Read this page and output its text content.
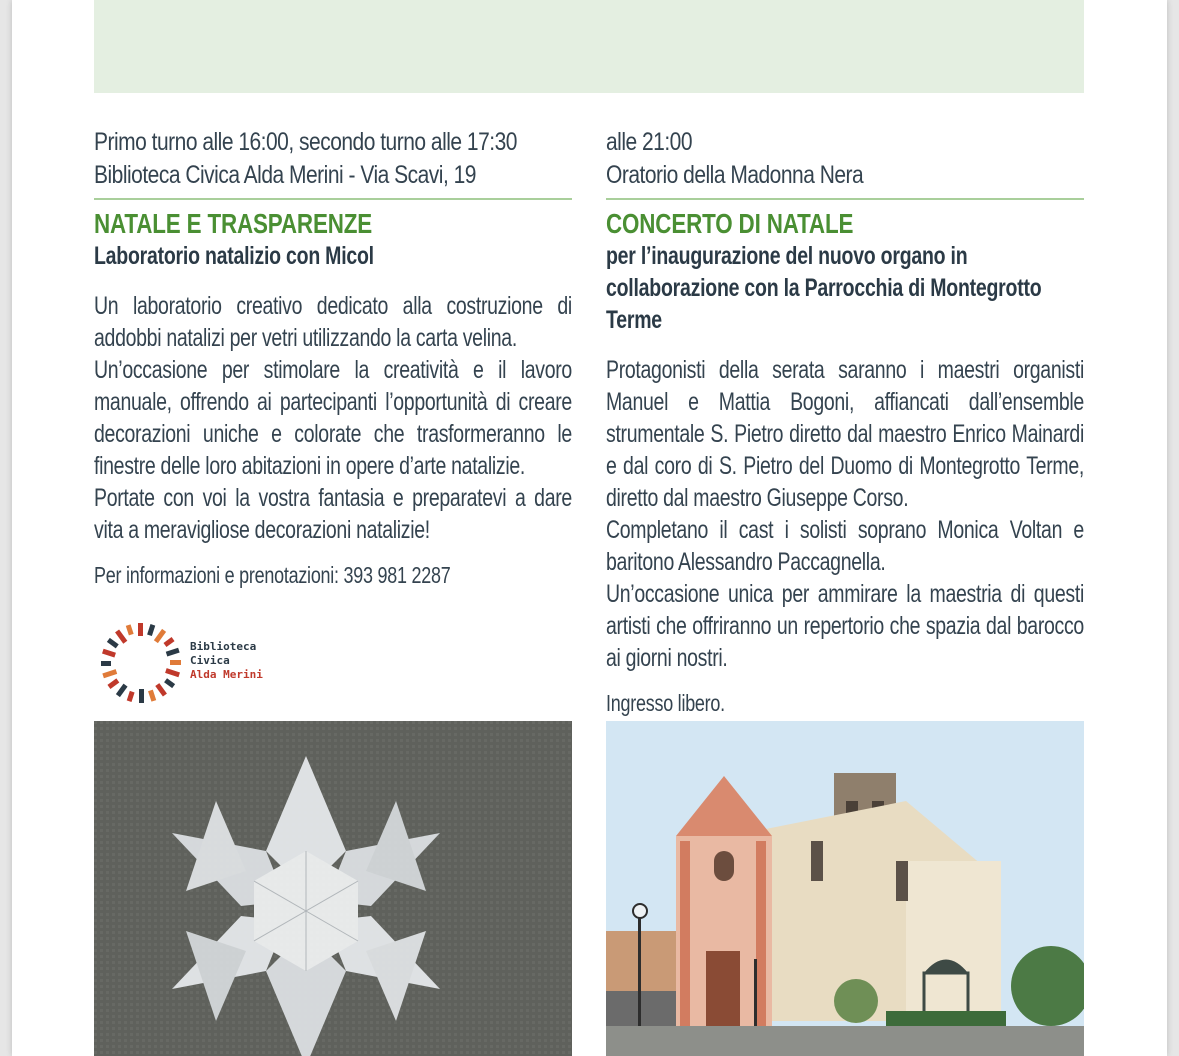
Primo turno alle 16:00, secondo turno alle 17:30
Biblioteca Civica Alda Merini - Via Scavi, 19
NATALE E TRASPARENZE
Laboratorio natalizio con Micol

Un laboratorio creativo dedicato alla costruzione di addobbi natalizi per vetri utilizzando la carta velina.

Un’occasione per stimolare la creatività e il lavoro manuale, offrendo ai partecipanti l’opportunità di creare decorazioni uniche e colorate che trasformeranno le finestre delle loro abitazioni in opere d’arte natalizie.

Portate con voi la vostra fantasia e preparatevi a dare vita a meravigliose decorazioni natalizie!

Per informazioni e prenotazioni: 393 981 2287
Biblioteca
Civica
Alda Merini
alle 21:00
Oratorio della Madonna Nera
CONCERTO DI NATALE
per l’inaugurazione del nuovo organo in collaborazione con la Parrocchia di Montegrotto Terme

Protagonisti della serata saranno i maestri organisti Manuel e Mattia Bogoni, affiancati dall’ensemble strumentale S. Pietro diretto dal maestro Enrico Mainardi e dal coro di S. Pietro del Duomo di Montegrotto Terme, diretto dal maestro Giuseppe Corso.

Completano il cast i solisti soprano Monica Voltan e baritono Alessandro Paccagnella.

Un’occasione unica per ammirare la maestria di questi artisti che offriranno un repertorio che spazia dal barocco ai giorni nostri.

Ingresso libero.
